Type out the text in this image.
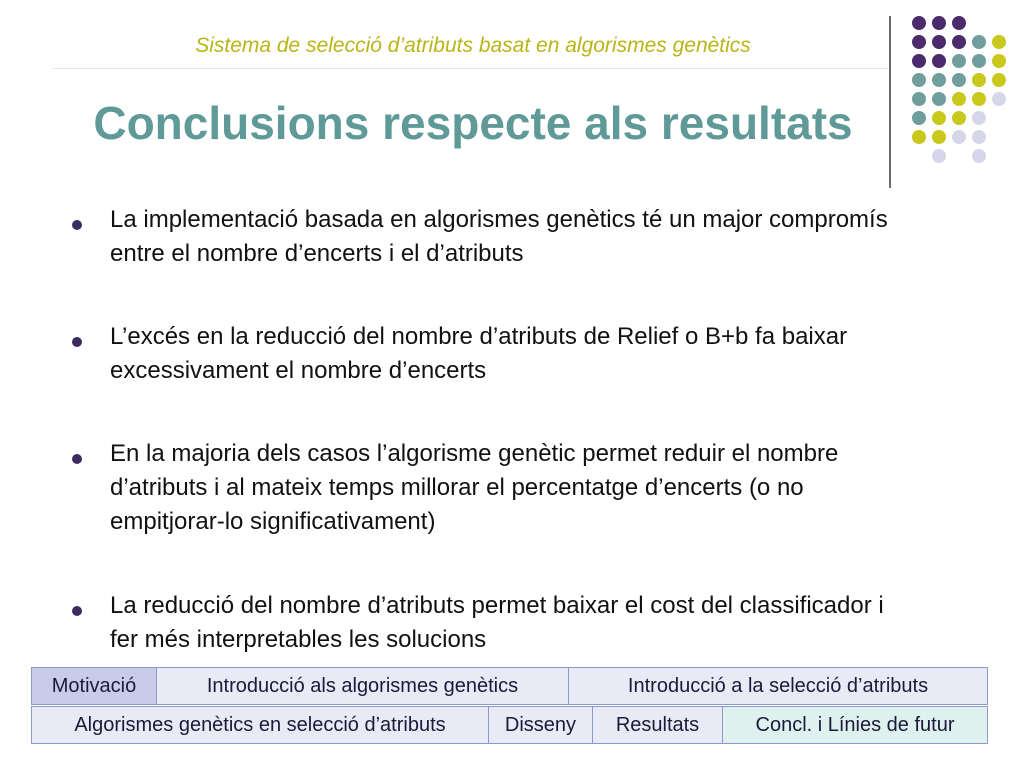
Sistema de selecció d’atributs basat en algorismes genètics
Conclusions respecte als resultats
La implementació basada en algorismes genètics té un major compromís entre el nombre d’encerts i el d’atributs
L’excés en la reducció del nombre d’atributs de Relief o B+b fa baixar excessivament el nombre d’encerts
En la majoria dels casos l’algorisme genètic permet reduir el nombre d’atributs i al mateix temps millorar el percentatge d’encerts (o no empitjorar-lo significativament)
La reducció del nombre d’atributs permet baixar el cost del classificador i fer més interpretables les solucions
Motivació	Introducció als algorismes genètics	Introducció a la selecció d’atributs
Algorismes genètics en selecció d’atributs	Disseny	Resultats	Concl. i Línies de futur
